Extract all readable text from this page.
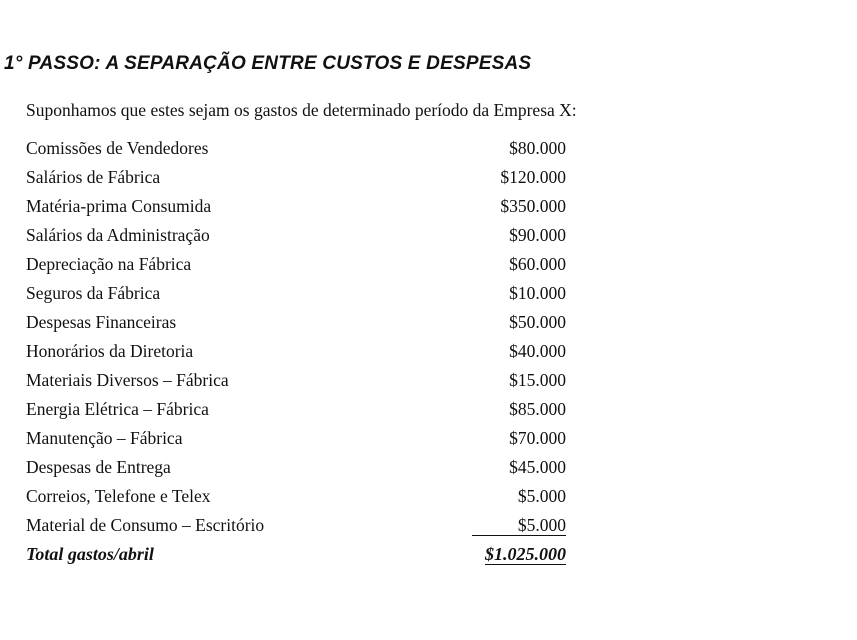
1° PASSO: A SEPARAÇÃO ENTRE CUSTOS E DESPESAS
Suponhamos que estes sejam os gastos de determinado período da Empresa X:
Comissões de Vendedores	$80.000
Salários de Fábrica	$120.000
Matéria-prima Consumida	$350.000
Salários da Administração	$90.000
Depreciação na Fábrica	$60.000
Seguros da Fábrica	$10.000
Despesas Financeiras	$50.000
Honorários da Diretoria	$40.000
Materiais Diversos – Fábrica	$15.000
Energia Elétrica – Fábrica	$85.000
Manutenção – Fábrica	$70.000
Despesas de Entrega	$45.000
Correios, Telefone e Telex	$5.000
Material de Consumo – Escritório	$5.000
Total gastos/abril	$1.025.000
